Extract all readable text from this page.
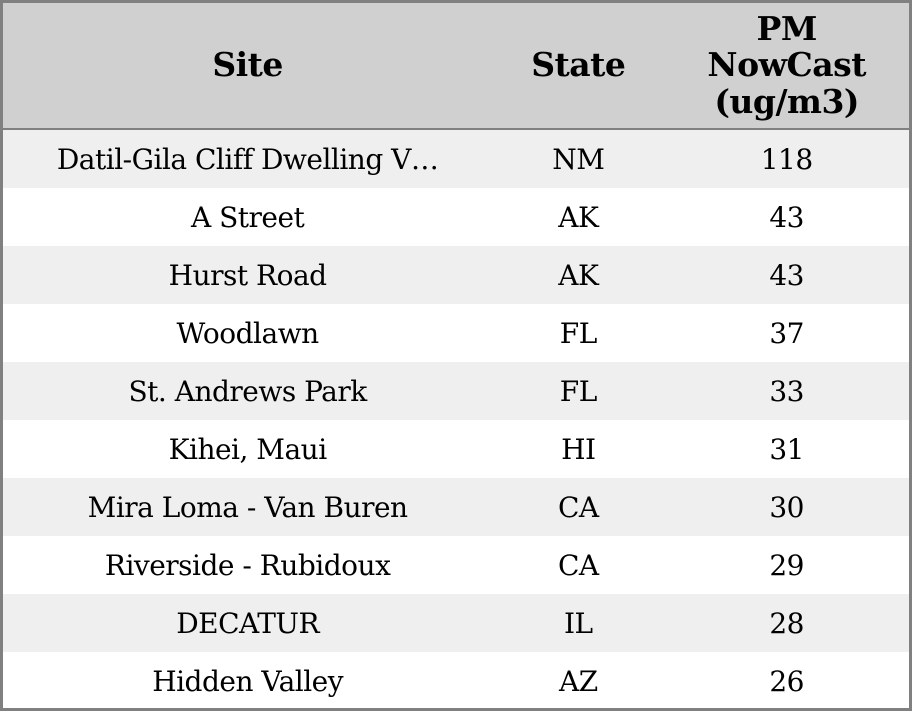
Site	State	PM
NowCast
(ug/m3)
Datil-Gila Cliff Dwelling V…	NM	118
A Street	AK	43
Hurst Road	AK	43
Woodlawn	FL	37
St. Andrews Park	FL	33
Kihei, Maui	HI	31
Mira Loma - Van Buren	CA	30
Riverside - Rubidoux	CA	29
DECATUR	IL	28
Hidden Valley	AZ	26
